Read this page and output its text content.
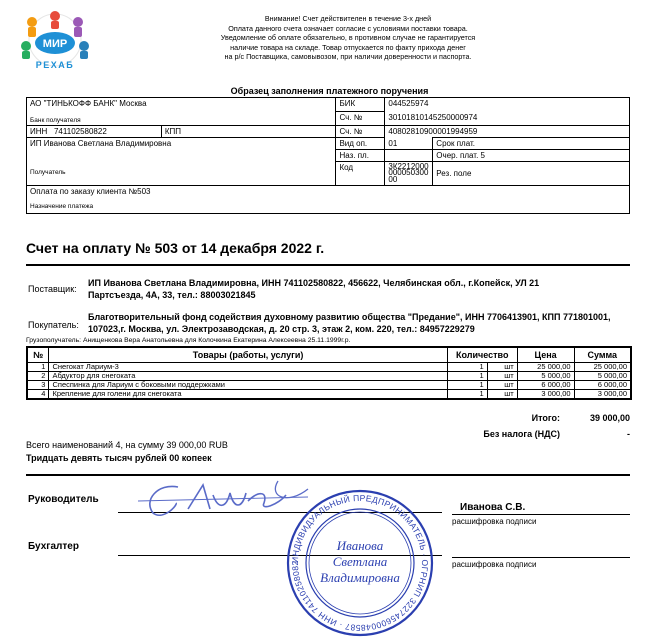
МИР
РЕХАБ
Внимание! Счет действителен в течение 3-х дней
Оплата данного счета означает согласие с условиями поставки товара.
Уведомление об оплате обязательно, в противном случае не гарантируется
наличие товара на складе. Товар отпускается по факту прихода денег
на р/с Поставщика, самовывозом, при наличии доверенности и паспорта.
Образец заполнения платежного поручения
АО "ТИНЬКОФФ БАНК" Москва
Банк получателя		БИК	044525974	
		Сч. №	30101810145250000974	
ИНН 741102580822	КПП	Сч. №	40802810900001994959	

ИП Иванова Светлана Владимировна
Получатель		Вид оп.	01	Срок плат.
		Наз. пл.		Очер. плат. 5
		Код	3К221200000005030000	Рез. поле

Оплата по заказу клиента №503
Назначение платежа				
Счет на оплату № 503 от 14 декабря 2022 г.
Поставщик:
ИП Иванова Светлана Владимировна, ИНН 741102580822, 456622, Челябинская обл., г.Копейск, УЛ 21 Партсъезда, 4А, 33, тел.: 88003021845
Покупатель:
Благотворительный фонд содействия духовному развитию общества "Предание", ИНН 7706413901, КПП 771801001, 107023,г. Москва, ул. Электрозаводская, д. 20 стр. 3, этаж 2, ком. 220, тел.: 84957229279
Грузополучатель: Анищенкова Вера Анатольевна для Колочкина Екатерина Алексеевна 25.11.1999г.р.
№	Товары (работы, услуги)	Количество		Цена	Сумма
1	Снегокат Лариум-3	1	шт	25 000,00	25 000,00
2	Абдуктор для снегоката	1	шт	5 000,00	5 000,00
3	Спеспинка для Лариум с боковыми поддержками	1	шт	6 000,00	6 000,00
4	Крепление для голени для снегоката	1	шт	3 000,00	3 000,00
Итого:	39 000,00
Без налога (НДС)	-
Всего наименований 4, на сумму 39 000,00 RUB
Тридцать девять тысяч рублей 00 копеек
Руководитель
Иванова С.В.
расшифровка подписи
Бухгалтер
расшифровка подписи
ИНДИВИДУАЛЬНЫЙ ПРЕДПРИНИМАТЕЛЬ · ОГРНИП 322745600048587 · ИНН 74110258082
Иванова
Светлана
Владимировна
